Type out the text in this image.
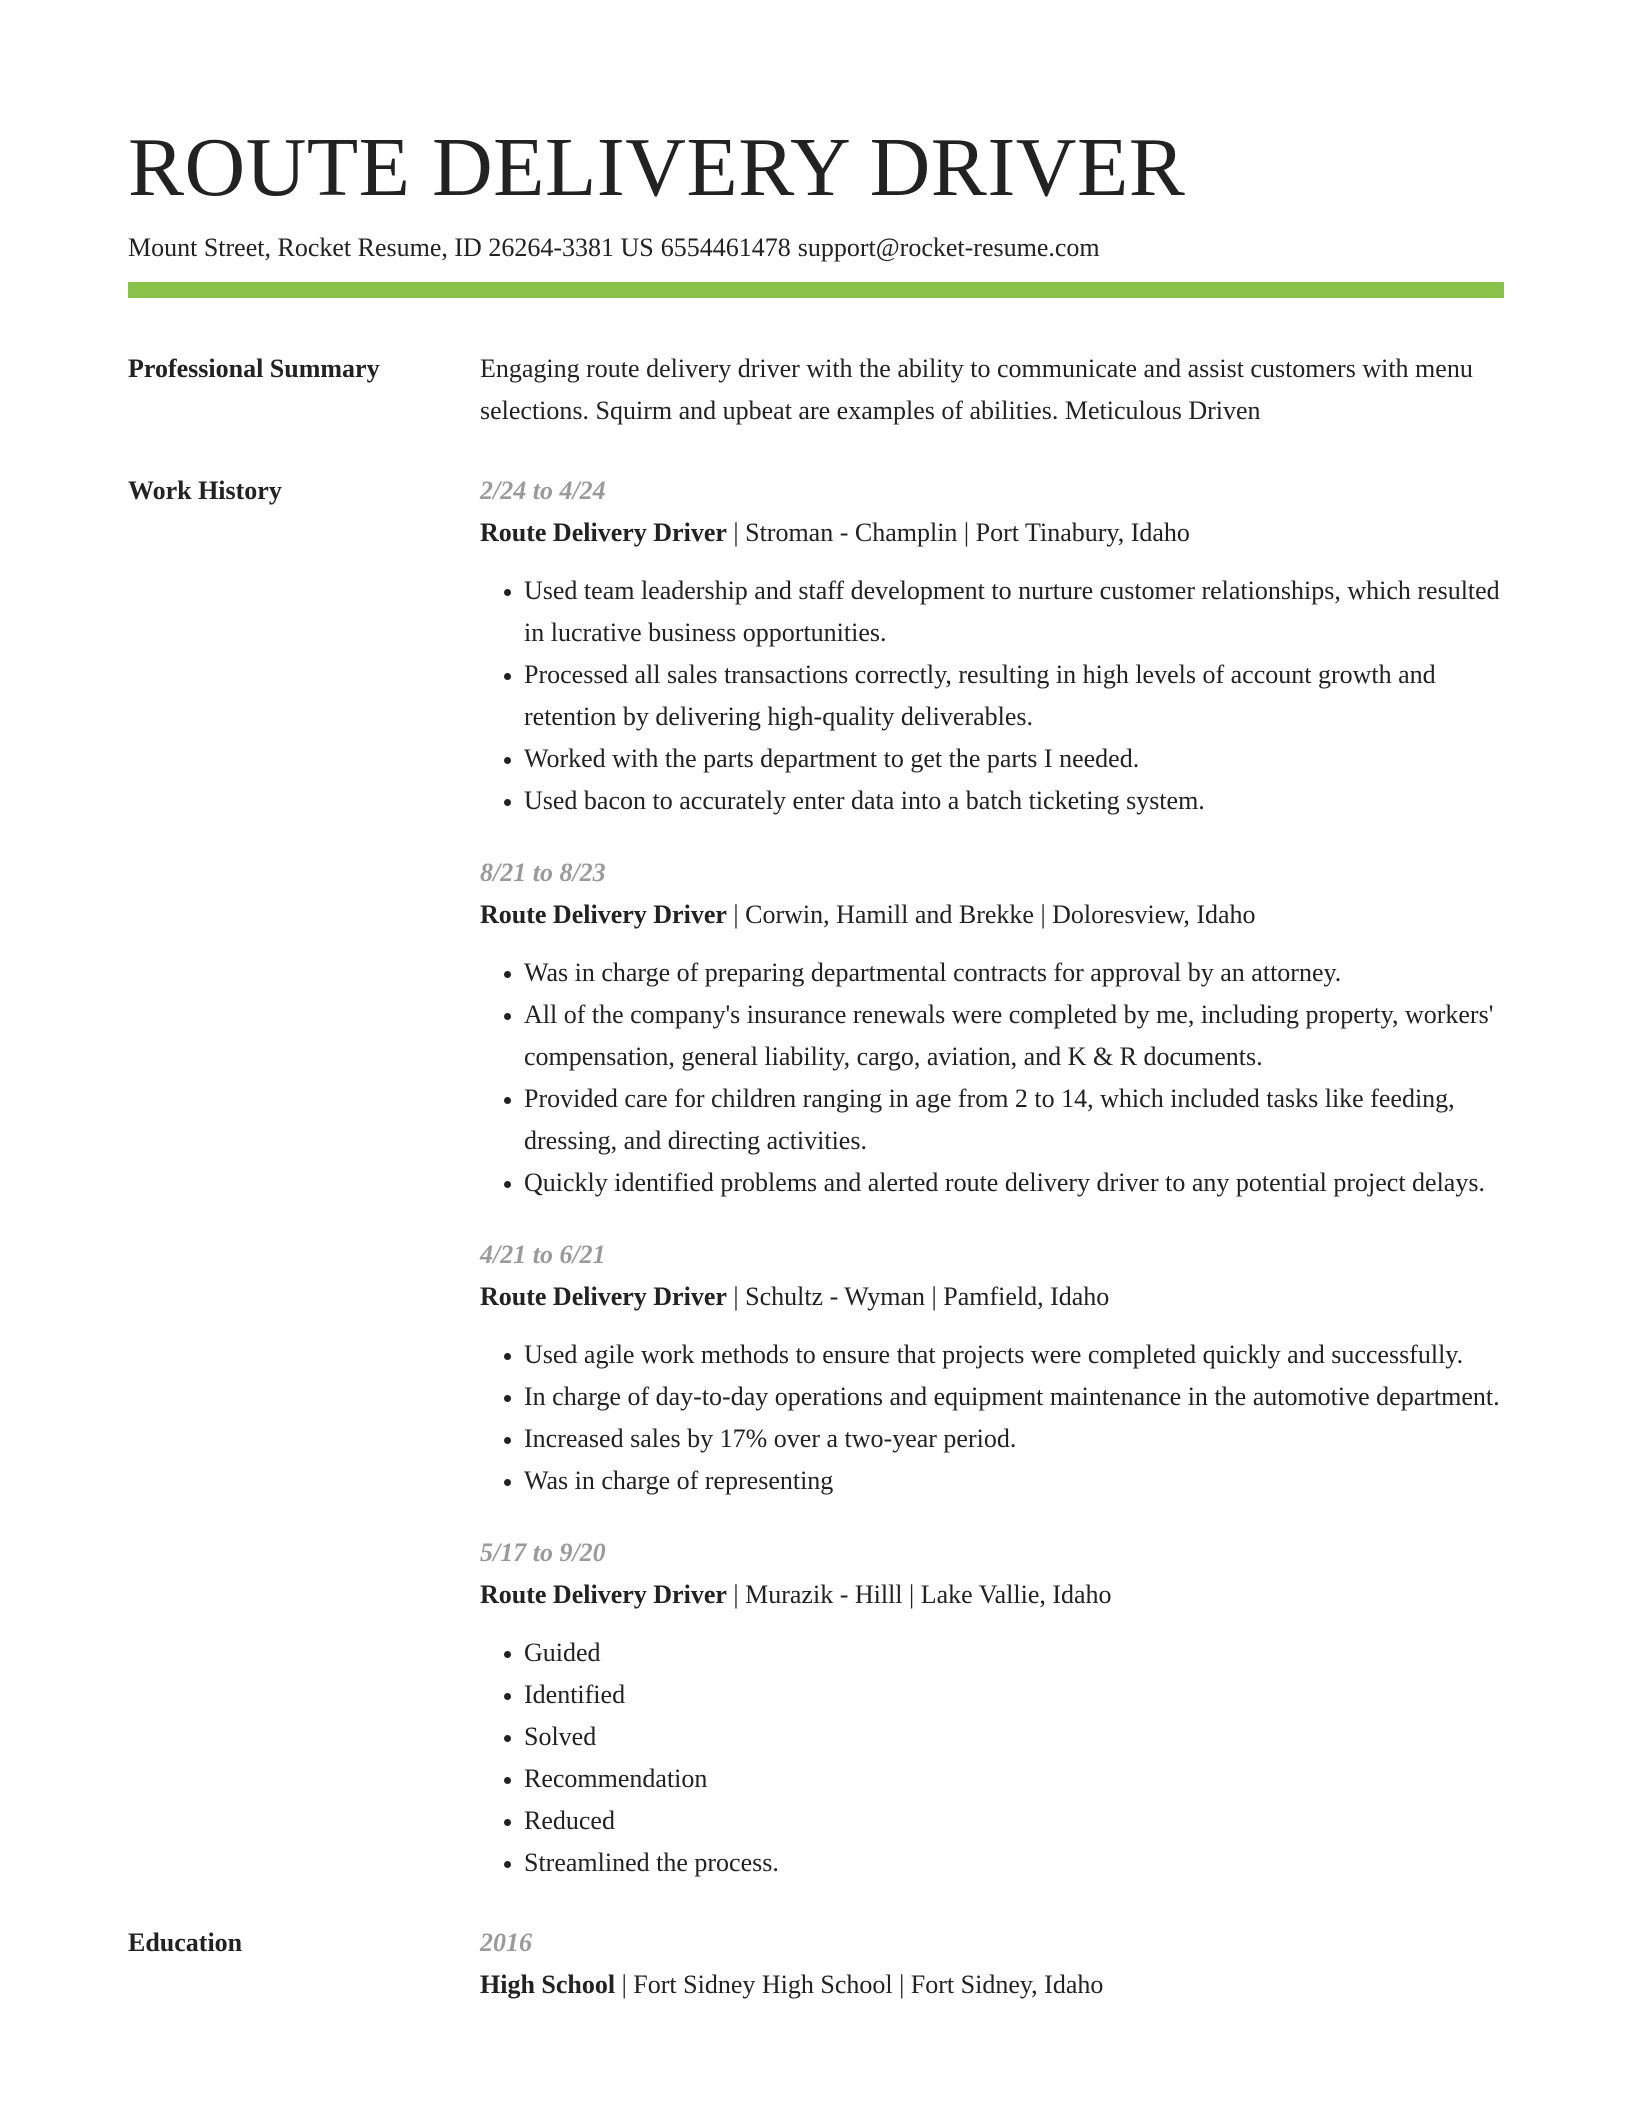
ROUTE DELIVERY DRIVER
Mount Street, Rocket Resume, ID 26264-3381 US 6554461478 support@rocket-resume.com
Professional Summary	Engaging route delivery driver with the ability to communicate and assist customers with menu selections. Squirm and upbeat are examples of abilities. Meticulous Driven
Work History	2/24 to 4/24
Route Delivery Driver | Stroman - Champlin | Port Tinabury, Idaho
• Used team leadership and staff development to nurture customer relationships, which resulted in lucrative business opportunities.
• Processed all sales transactions correctly, resulting in high levels of account growth and retention by delivering high-quality deliverables.
• Worked with the parts department to get the parts I needed.
• Used bacon to accurately enter data into a batch ticketing system.
8/21 to 8/23
Route Delivery Driver | Corwin, Hamill and Brekke | Doloresview, Idaho
• Was in charge of preparing departmental contracts for approval by an attorney.
• All of the company's insurance renewals were completed by me, including property, workers' compensation, general liability, cargo, aviation, and K & R documents.
• Provided care for children ranging in age from 2 to 14, which included tasks like feeding, dressing, and directing activities.
• Quickly identified problems and alerted route delivery driver to any potential project delays.
4/21 to 6/21
Route Delivery Driver | Schultz - Wyman | Pamfield, Idaho
• Used agile work methods to ensure that projects were completed quickly and successfully.
• In charge of day-to-day operations and equipment maintenance in the automotive department.
• Increased sales by 17% over a two-year period.
• Was in charge of representing
5/17 to 9/20
Route Delivery Driver | Murazik - Hilll | Lake Vallie, Idaho
• Guided
• Identified
• Solved
• Recommendation
• Reduced
• Streamlined the process.
Education	2016
High School | Fort Sidney High School | Fort Sidney, Idaho
